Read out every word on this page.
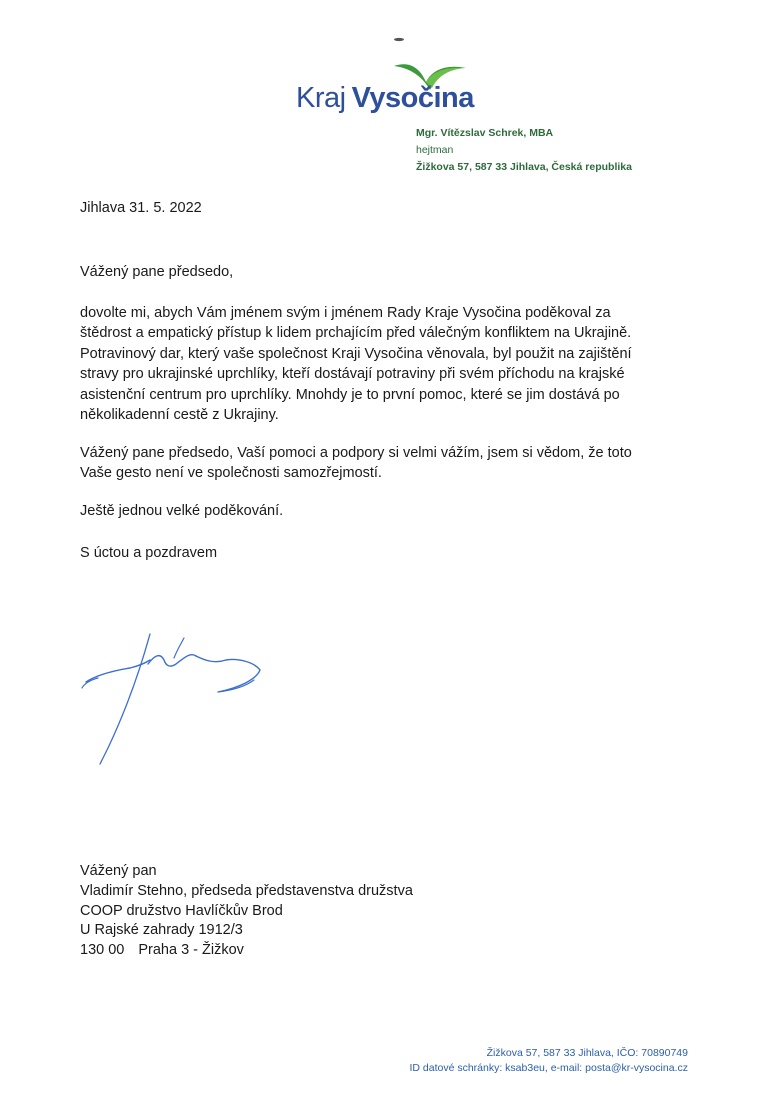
Kraj Vysočina
Mgr. Vítězslav Schrek, MBA
hejtman
Žižkova 57, 587 33 Jihlava, Česká republika
Jihlava 31. 5. 2022

Vážený pane předsedo,

dovolte mi, abych Vám jménem svým i jménem Rady Kraje Vysočina poděkoval za

štědrost a empatický přístup k lidem prchajícím před válečným konfliktem na Ukrajině.

Potravinový dar, který vaše společnost Kraji Vysočina věnovala, byl použit na zajištění

stravy pro ukrajinské uprchlíky, kteří dostávají potraviny při svém příchodu na krajské

asistenční centrum pro uprchlíky. Mnohdy je to první pomoc, které se jim dostává po

několikadenní cestě z Ukrajiny.

Vážený pane předsedo, Vaší pomoci a podpory si velmi vážím, jsem si vědom, že toto

Vaše gesto není ve společnosti samozřejmostí.

Ještě jednou velké poděkování.

S úctou a pozdravem

Vážený pan
Vladimír Stehno, předseda představenstva družstva
COOP družstvo Havlíčkův Brod
U Rajské zahrady 1912/3
130 00 Praha 3 - Žižkov
Žižkova 57, 587 33 Jihlava, IČO: 70890749
ID datové schránky: ksab3eu, e-mail: posta@kr-vysocina.cz
